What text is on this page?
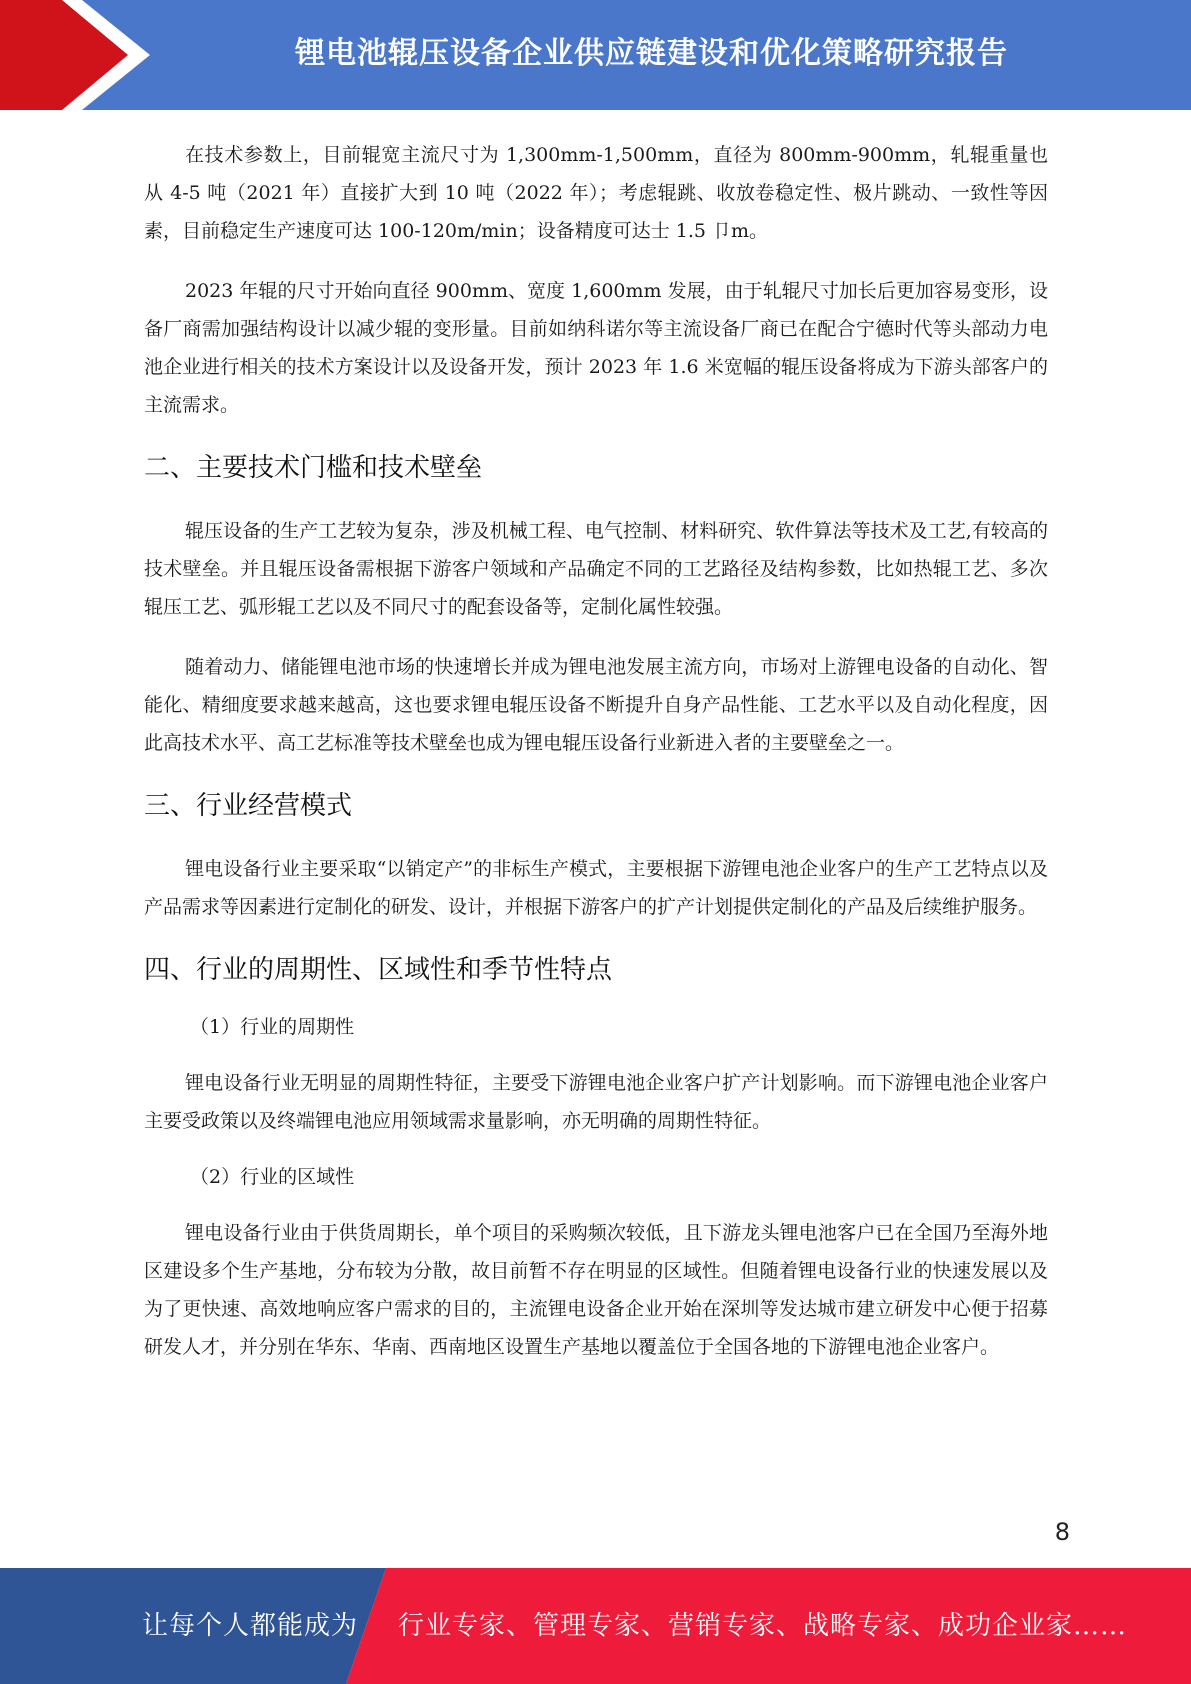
锂电池辊压设备企业供应链建设和优化策略研究报告

在技术参数上，目前辊宽主流尺寸为 1,300mm-1,500mm，直径为 800mm-900mm，轧辊重量也从 4-5 吨（2021 年）直接扩大到 10 吨（2022 年）；考虑辊跳、收放卷稳定性、极片跳动、一致性等因素，目前稳定生产速度可达 100-120m/min；设备精度可达士 1.5 卩m。

2023 年辊的尺寸开始向直径 900mm、宽度 1,600mm 发展，由于轧辊尺寸加长后更加容易变形，设备厂商需加强结构设计以减少辊的变形量。目前如纳科诺尔等主流设备厂商已在配合宁德时代等头部动力电池企业进行相关的技术方案设计以及设备开发，预计 2023 年 1.6 米宽幅的辊压设备将成为下游头部客户的主流需求。

二、主要技术门槛和技术壁垒

辊压设备的生产工艺较为复杂，涉及机械工程、电气控制、材料研究、软件算法等技术及工艺,有较高的技术壁垒。并且辊压设备需根据下游客户领域和产品确定不同的工艺路径及结构参数，比如热辊工艺、多次辊压工艺、弧形辊工艺以及不同尺寸的配套设备等，定制化属性较强。

随着动力、储能锂电池市场的快速增长并成为锂电池发展主流方向，市场对上游锂电设备的自动化、智能化、精细度要求越来越高，这也要求锂电辊压设备不断提升自身产品性能、工艺水平以及自动化程度，因此高技术水平、高工艺标准等技术壁垒也成为锂电辊压设备行业新进入者的主要壁垒之一。

三、行业经营模式

锂电设备行业主要采取“以销定产”的非标生产模式，主要根据下游锂电池企业客户的生产工艺特点以及产品需求等因素进行定制化的研发、设计，并根据下游客户的扩产计划提供定制化的产品及后续维护服务。

四、行业的周期性、区域性和季节性特点

（1）行业的周期性

锂电设备行业无明显的周期性特征，主要受下游锂电池企业客户扩产计划影响。而下游锂电池企业客户主要受政策以及终端锂电池应用领域需求量影响，亦无明确的周期性特征。

（2）行业的区域性

锂电设备行业由于供货周期长，单个项目的采购频次较低，且下游龙头锂电池客户已在全国乃至海外地区建设多个生产基地，分布较为分散，故目前暂不存在明显的区域性。但随着锂电设备行业的快速发展以及为了更快速、高效地响应客户需求的目的，主流锂电设备企业开始在深圳等发达城市建立研发中心便于招募研发人才，并分别在华东、华南、西南地区设置生产基地以覆盖位于全国各地的下游锂电池企业客户。

8
让每个人都能成为 行业专家、管理专家、营销专家、战略专家、成功企业家……
